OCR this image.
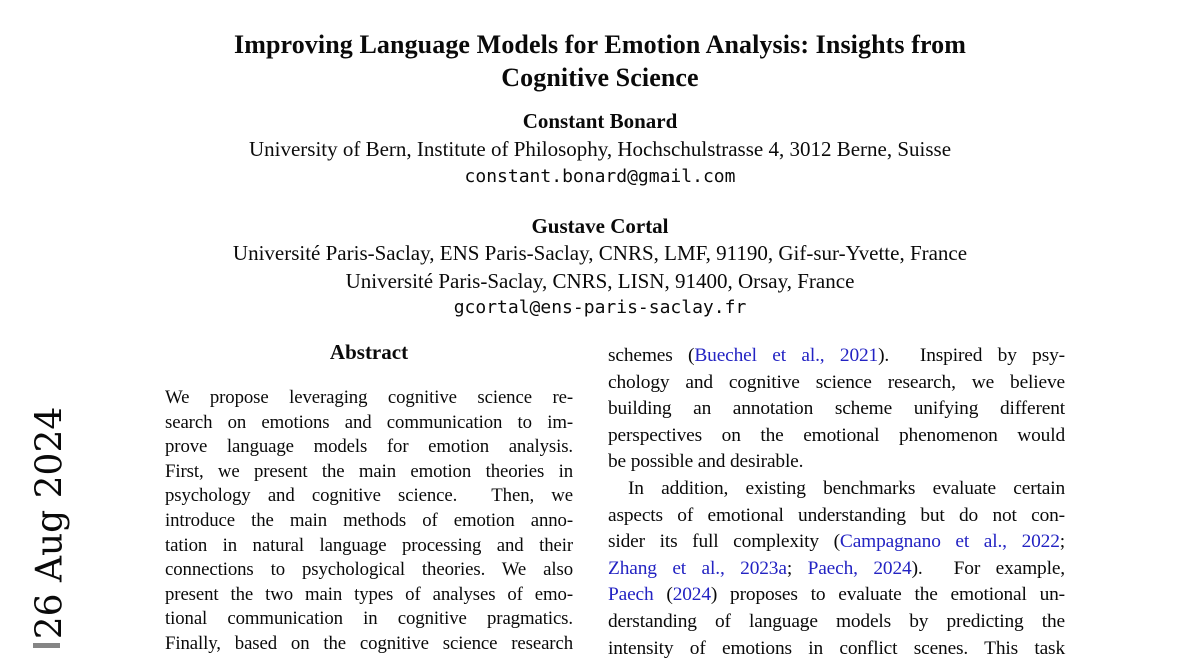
26 Aug 2024
Improving Language Models for Emotion Analysis: Insights from
Cognitive Science
Constant Bonard
University of Bern, Institute of Philosophy, Hochschulstrasse 4, 3012 Berne, Suisse
constant.bonard@gmail.com
Gustave Cortal
Université Paris-Saclay, ENS Paris-Saclay, CNRS, LMF, 91190, Gif-sur-Yvette, France
Université Paris-Saclay, CNRS, LISN, 91400, Orsay, France
gcortal@ens-paris-saclay.fr
Abstract
We propose leveraging cognitive science re-
search on emotions and communication to im-
prove language models for emotion analysis.
First, we present the main emotion theories in
psychology and cognitive science.  Then, we
introduce the main methods of emotion anno-
tation in natural language processing and their
connections to psychological theories. We also
present the two main types of analyses of emo-
tional communication in cognitive pragmatics.
Finally, based on the cognitive science research
schemes (Buechel et al., 2021).  Inspired by psy-
chology and cognitive science research, we believe
building an annotation scheme unifying different
perspectives on the emotional phenomenon would
be possible and desirable.
In addition, existing benchmarks evaluate certain
aspects of emotional understanding but do not con-
sider its full complexity (Campagnano et al., 2022;
Zhang et al., 2023a; Paech, 2024).  For example,
Paech (2024) proposes to evaluate the emotional un-
derstanding of language models by predicting the
intensity of emotions in conflict scenes. This task
